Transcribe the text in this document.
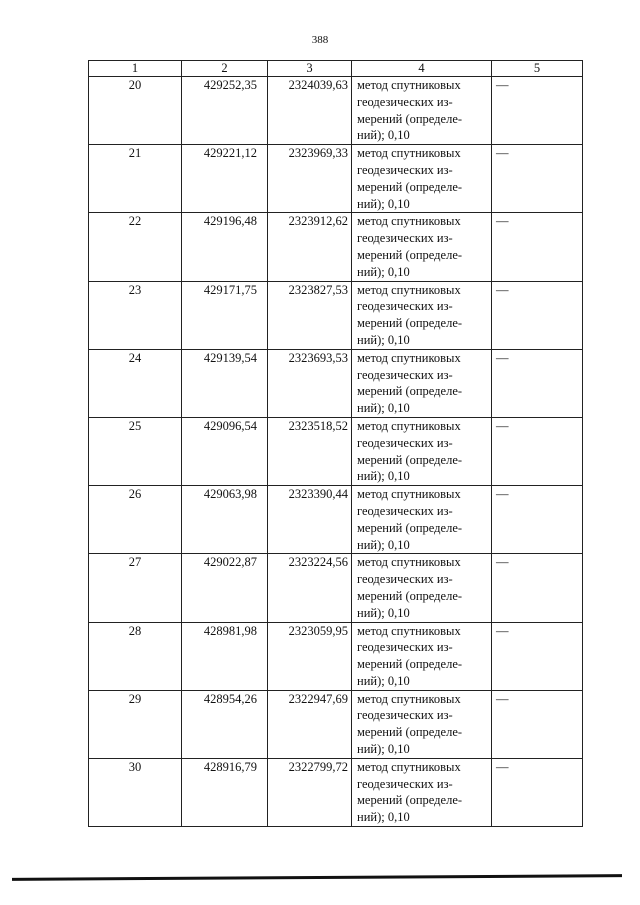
388
1	2	3	4	5
20	429252,35	2324039,63	метод спутниковых геодезических из-мерений (определе-ний); 0,10	—
21	429221,12	2323969,33	метод спутниковых геодезических из-мерений (определе-ний); 0,10	—
22	429196,48	2323912,62	метод спутниковых геодезических из-мерений (определе-ний); 0,10	—
23	429171,75	2323827,53	метод спутниковых геодезических из-мерений (определе-ний); 0,10	—
24	429139,54	2323693,53	метод спутниковых геодезических из-мерений (определе-ний); 0,10	—
25	429096,54	2323518,52	метод спутниковых геодезических из-мерений (определе-ний); 0,10	—
26	429063,98	2323390,44	метод спутниковых геодезических из-мерений (определе-ний); 0,10	—
27	429022,87	2323224,56	метод спутниковых геодезических из-мерений (определе-ний); 0,10	—
28	428981,98	2323059,95	метод спутниковых геодезических из-мерений (определе-ний); 0,10	—
29	428954,26	2322947,69	метод спутниковых геодезических из-мерений (определе-ний); 0,10	—
30	428916,79	2322799,72	метод спутниковых геодезических из-мерений (определе-ний); 0,10	—
